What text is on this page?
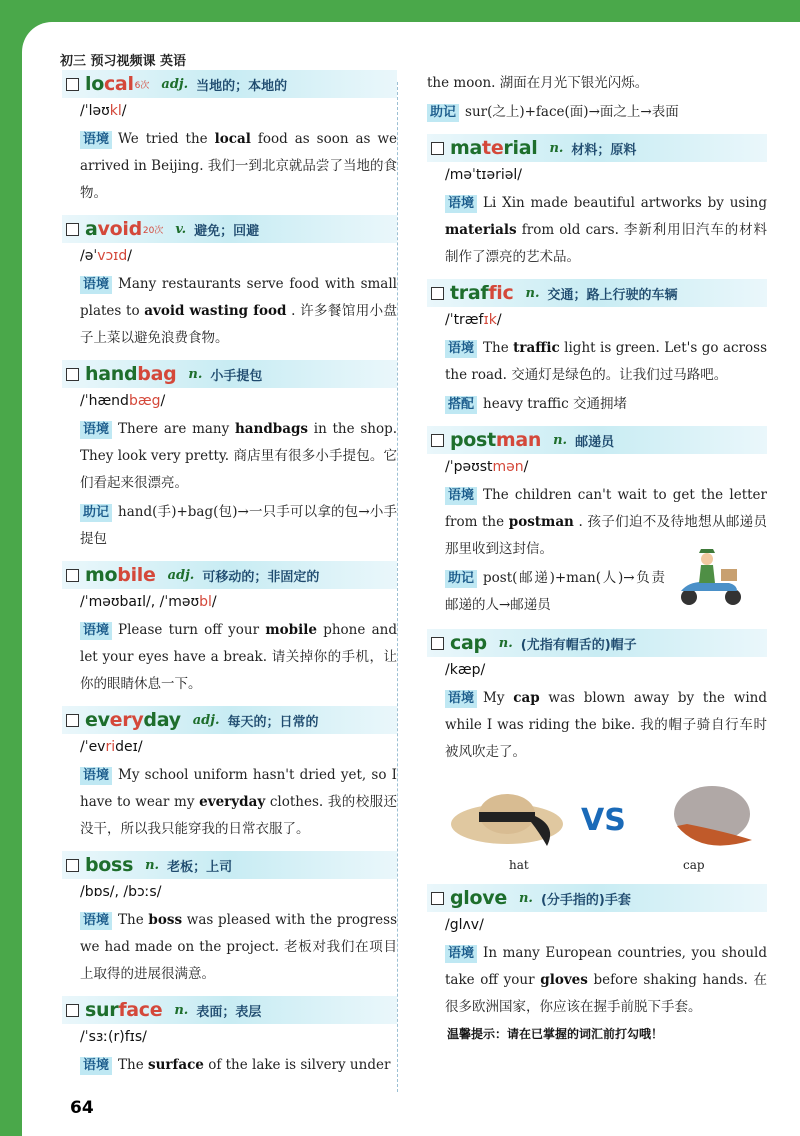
初三 预习视频课 英语
local 6次 adj. 当地的；本地的
/ˈləʊkl/
语境 We tried the local food as soon as we arrived in Beijing. 我们一到北京就品尝了当地的食物。
avoid 20次 v. 避免；回避
/əˈvɔɪd/
语境 Many restaurants serve food with small plates to avoid wasting food . 许多餐馆用小盘子上菜以避免浪费食物。
handbag n. 小手提包
/ˈhændbæg/
语境 There are many handbags in the shop. They look very pretty. 商店里有很多小手提包。它们看起来很漂亮。
助记 hand(手)+bag(包)→一只手可以拿的包→小手提包
mobile adj. 可移动的；非固定的
/ˈməʊbaɪl/, /ˈməʊbl/
语境 Please turn off your mobile phone and let your eyes have a break. 请关掉你的手机，让你的眼睛休息一下。
everyday adj. 每天的；日常的
/ˈevrideɪ/
语境 My school uniform hasn't dried yet, so I have to wear my everyday clothes. 我的校服还没干，所以我只能穿我的日常衣服了。
boss n. 老板；上司
/bɒs/, /bɔːs/
语境 The boss was pleased with the progress we had made on the project. 老板对我们在项目上取得的进展很满意。
surface n. 表面；表层
/ˈsɜː(r)fɪs/
语境 The surface of the lake is silvery under
the moon. 湖面在月光下银光闪烁。
助记 sur(之上)+face(面)→面之上→表面
material n. 材料；原料
/məˈtɪəriəl/
语境 Li Xin made beautiful artworks by using materials from old cars. 李新利用旧汽车的材料制作了漂亮的艺术品。
traffic n. 交通；路上行驶的车辆
/ˈtræfɪk/
语境 The traffic light is green. Let's go across the road. 交通灯是绿色的。让我们过马路吧。
搭配 heavy traffic 交通拥堵
postman n. 邮递员
/ˈpəʊstmən/
语境 The children can't wait to get the letter from the postman . 孩子们迫不及待地想从邮递员那里收到这封信。
助记 post(邮递)+man(人)→负责邮递的人→邮递员
cap n. (尤指有帽舌的)帽子
/kæp/
语境 My cap was blown away by the wind while I was riding the bike. 我的帽子骑自行车时被风吹走了。
VS
hat	cap
glove n. (分手指的)手套
/glʌv/
语境 In many European countries, you should take off your gloves before shaking hands. 在很多欧洲国家，你应该在握手前脱下手套。
温馨提示：请在已掌握的词汇前打勾哦！
64
